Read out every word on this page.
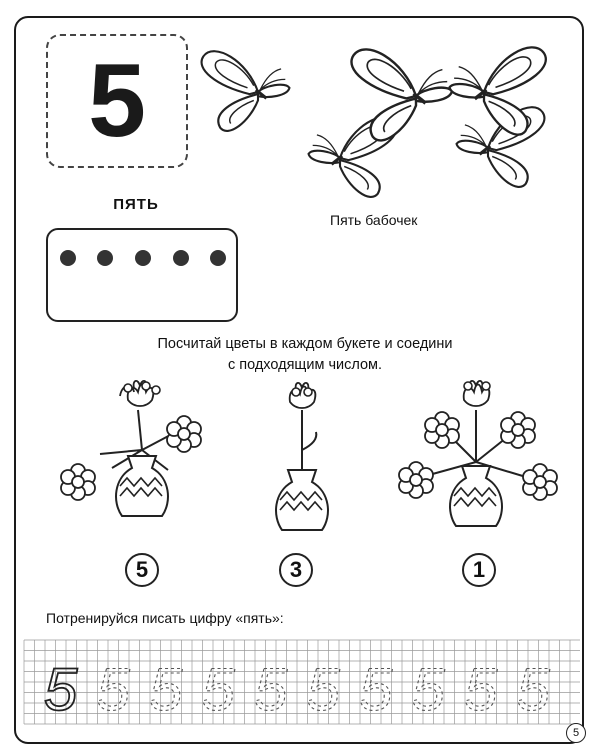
5
ПЯТЬ
Пять бабочек
Посчитай цветы в каждом букете и соедини
с подходящим числом.
5	3	1
Потренируйся писать цифру «пять»:
5 5 5 5 5 5 5 5 5 5
5
